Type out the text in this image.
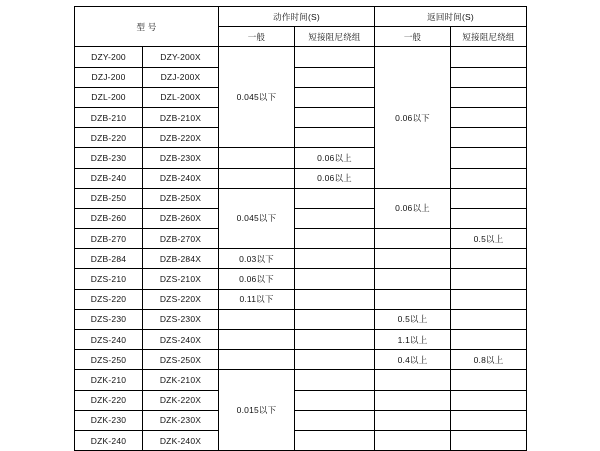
型 号		动作时间(S)		返回时间(S)	
		一般	短接阻尼绕组	一般	短接阻尼绕组
DZY-200	DZY-200X	0.045以下		0.06以下	
DZJ-200	DZJ-200X				
DZL-200	DZL-200X				
DZB-210	DZB-210X				
DZB-220	DZB-220X				
DZB-230	DZB-230X		0.06以上		
DZB-240	DZB-240X		0.06以上		
DZB-250	DZB-250X	0.045以下		0.06以上	
DZB-260	DZB-260X				
DZB-270	DZB-270X				0.5以上
DZB-284	DZB-284X	0.03以下			
DZS-210	DZS-210X	0.06以下			
DZS-220	DZS-220X	0.11以下			
DZS-230	DZS-230X			0.5以上	
DZS-240	DZS-240X			1.1以上	
DZS-250	DZS-250X			0.4以上	0.8以上
DZK-210	DZK-210X	0.015以下			
DZK-220	DZK-220X				
DZK-230	DZK-230X				
DZK-240	DZK-240X				
